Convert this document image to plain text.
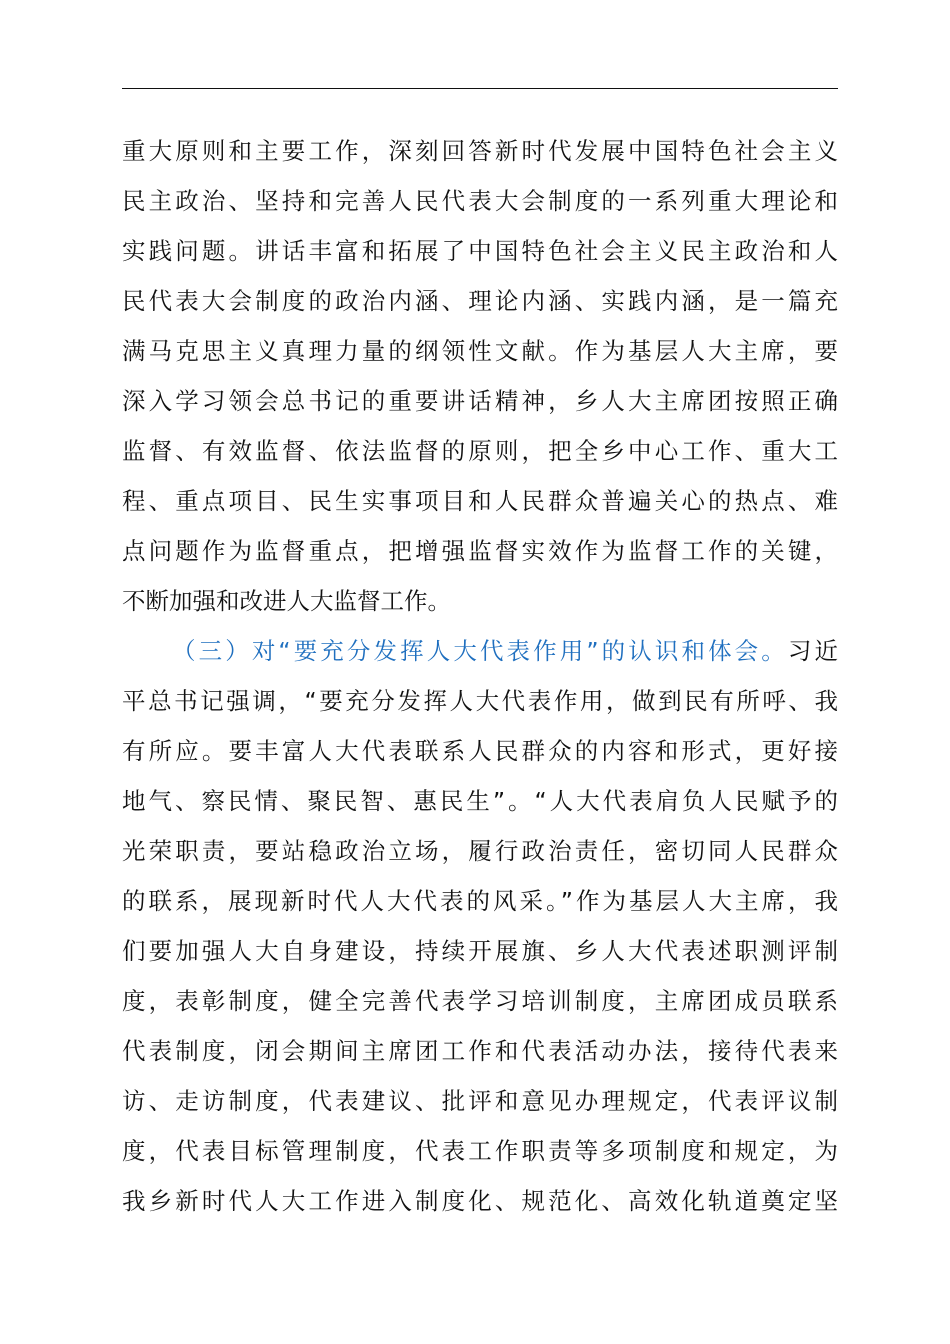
重大原则和主要工作，深刻回答新时代发展中国特色社会主义
民主政治、坚持和完善人民代表大会制度的一系列重大理论和
实践问题。讲话丰富和拓展了中国特色社会主义民主政治和人
民代表大会制度的政治内涵、理论内涵、实践内涵，是一篇充
满马克思主义真理力量的纲领性文献。作为基层人大主席，要
深入学习领会总书记的重要讲话精神，乡人大主席团按照正确
监督、有效监督、依法监督的原则，把全乡中心工作、重大工
程、重点项目、民生实事项目和人民群众普遍关心的热点、难
点问题作为监督重点，把增强监督实效作为监督工作的关键，
不断加强和改进人大监督工作。
（三）对“要充分发挥人大代表作用”的认识和体会。习近
平总书记强调，“要充分发挥人大代表作用，做到民有所呼、我
有所应。要丰富人大代表联系人民群众的内容和形式，更好接
地气、察民情、聚民智、惠民生”。“人大代表肩负人民赋予的
光荣职责，要站稳政治立场，履行政治责任，密切同人民群众
的联系，展现新时代人大代表的风采。”作为基层人大主席，我
们要加强人大自身建设，持续开展旗、乡人大代表述职测评制
度，表彰制度，健全完善代表学习培训制度，主席团成员联系
代表制度，闭会期间主席团工作和代表活动办法，接待代表来
访、走访制度，代表建议、批评和意见办理规定，代表评议制
度，代表目标管理制度，代表工作职责等多项制度和规定，为
我乡新时代人大工作进入制度化、规范化、高效化轨道奠定坚
